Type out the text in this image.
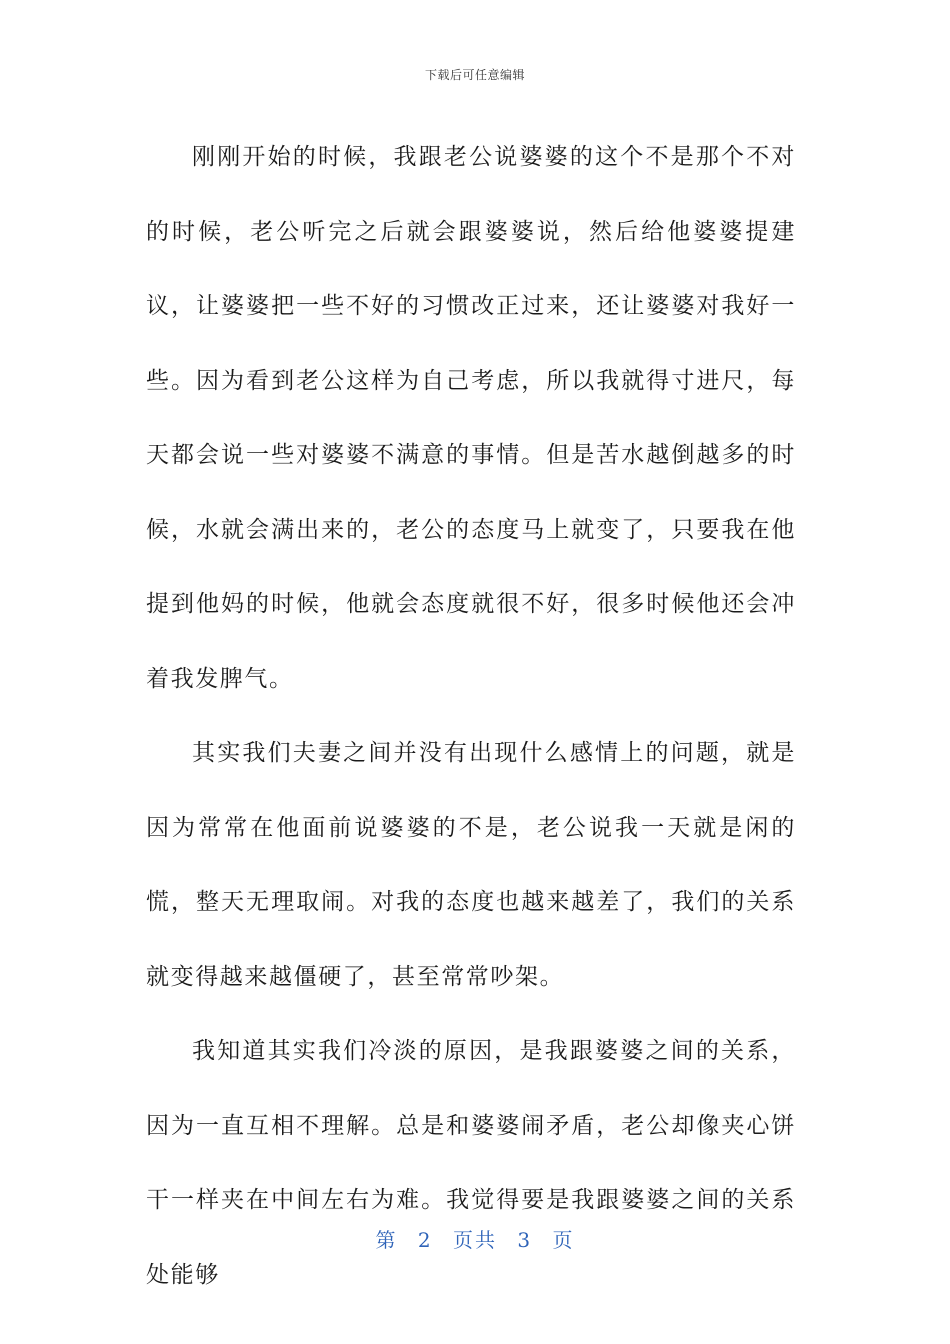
下载后可任意编辑

刚刚开始的时候，我跟老公说婆婆的这个不是那个不对的时候，老公听完之后就会跟婆婆说，然后给他婆婆提建议，让婆婆把一些不好的习惯改正过来，还让婆婆对我好一些。因为看到老公这样为自己考虑，所以我就得寸进尺，每天都会说一些对婆婆不满意的事情。但是苦水越倒越多的时候，水就会满出来的，老公的态度马上就变了，只要我在他提到他妈的时候，他就会态度就很不好，很多时候他还会冲着我发脾气。

其实我们夫妻之间并没有出现什么感情上的问题，就是因为常常在他面前说婆婆的不是，老公说我一天就是闲的慌，整天无理取闹。对我的态度也越来越差了，我们的关系就变得越来越僵硬了，甚至常常吵架。

我知道其实我们冷淡的原因，是我跟婆婆之间的关系，因为一直互相不理解。总是和婆婆闹矛盾，老公却像夹心饼干一样夹在中间左右为难。我觉得要是我跟婆婆之间的关系处能够

第 2 页共 3 页
